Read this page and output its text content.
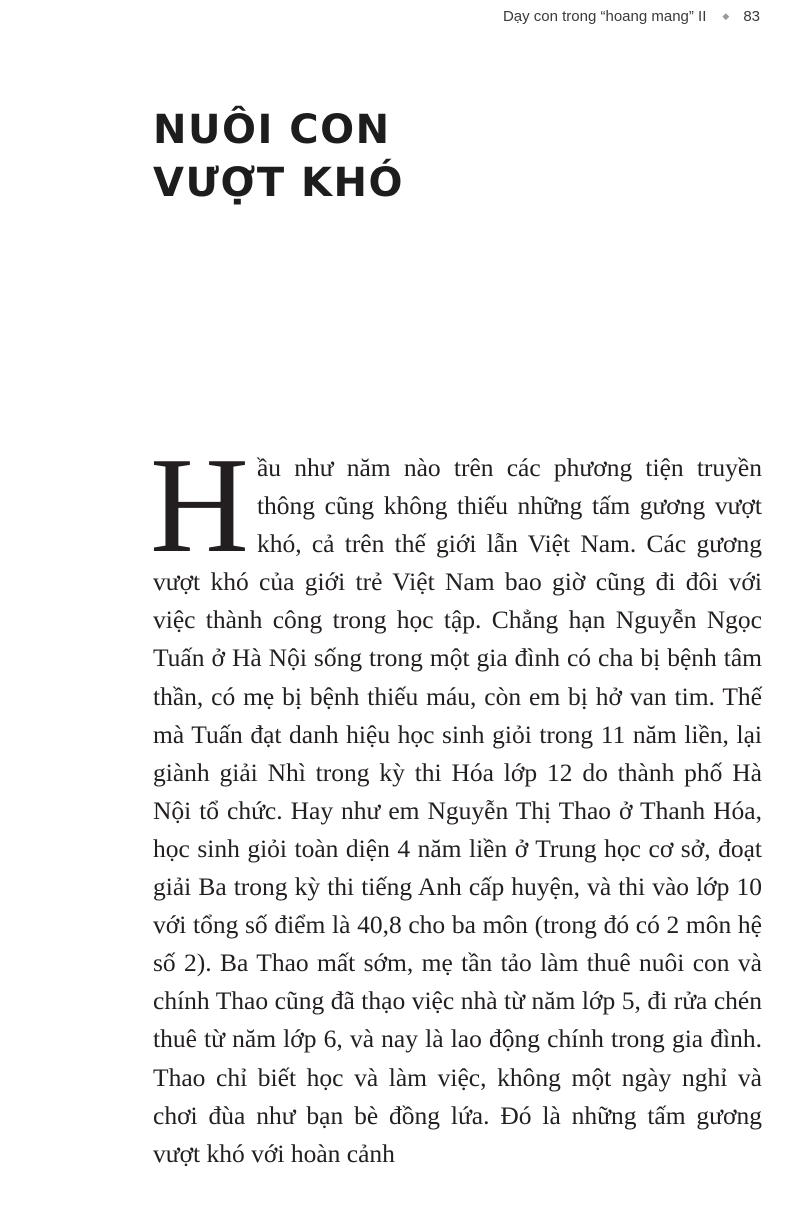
Dạy con trong “hoang mang” II ◆ 83
NUÔI CON
VƯỢT KHÓ

Hầu như năm nào trên các phương tiện truyền thông cũng không thiếu những tấm gương vượt khó, cả trên thế giới lẫn Việt Nam. Các gương vượt khó của giới trẻ Việt Nam bao giờ cũng đi đôi với việc thành công trong học tập. Chẳng hạn Nguyễn Ngọc Tuấn ở Hà Nội sống trong một gia đình có cha bị bệnh tâm thần, có mẹ bị bệnh thiếu máu, còn em bị hở van tim. Thế mà Tuấn đạt danh hiệu học sinh giỏi trong 11 năm liền, lại giành giải Nhì trong kỳ thi Hóa lớp 12 do thành phố Hà Nội tổ chức. Hay như em Nguyễn Thị Thao ở Thanh Hóa, học sinh giỏi toàn diện 4 năm liền ở Trung học cơ sở, đoạt giải Ba trong kỳ thi tiếng Anh cấp huyện, và thi vào lớp 10 với tổng số điểm là 40,8 cho ba môn (trong đó có 2 môn hệ số 2). Ba Thao mất sớm, mẹ tần tảo làm thuê nuôi con và chính Thao cũng đã thạo việc nhà từ năm lớp 5, đi rửa chén thuê từ năm lớp 6, và nay là lao động chính trong gia đình. Thao chỉ biết học và làm việc, không một ngày nghỉ và chơi đùa như bạn bè đồng lứa. Đó là những tấm gương vượt khó với hoàn cảnh
